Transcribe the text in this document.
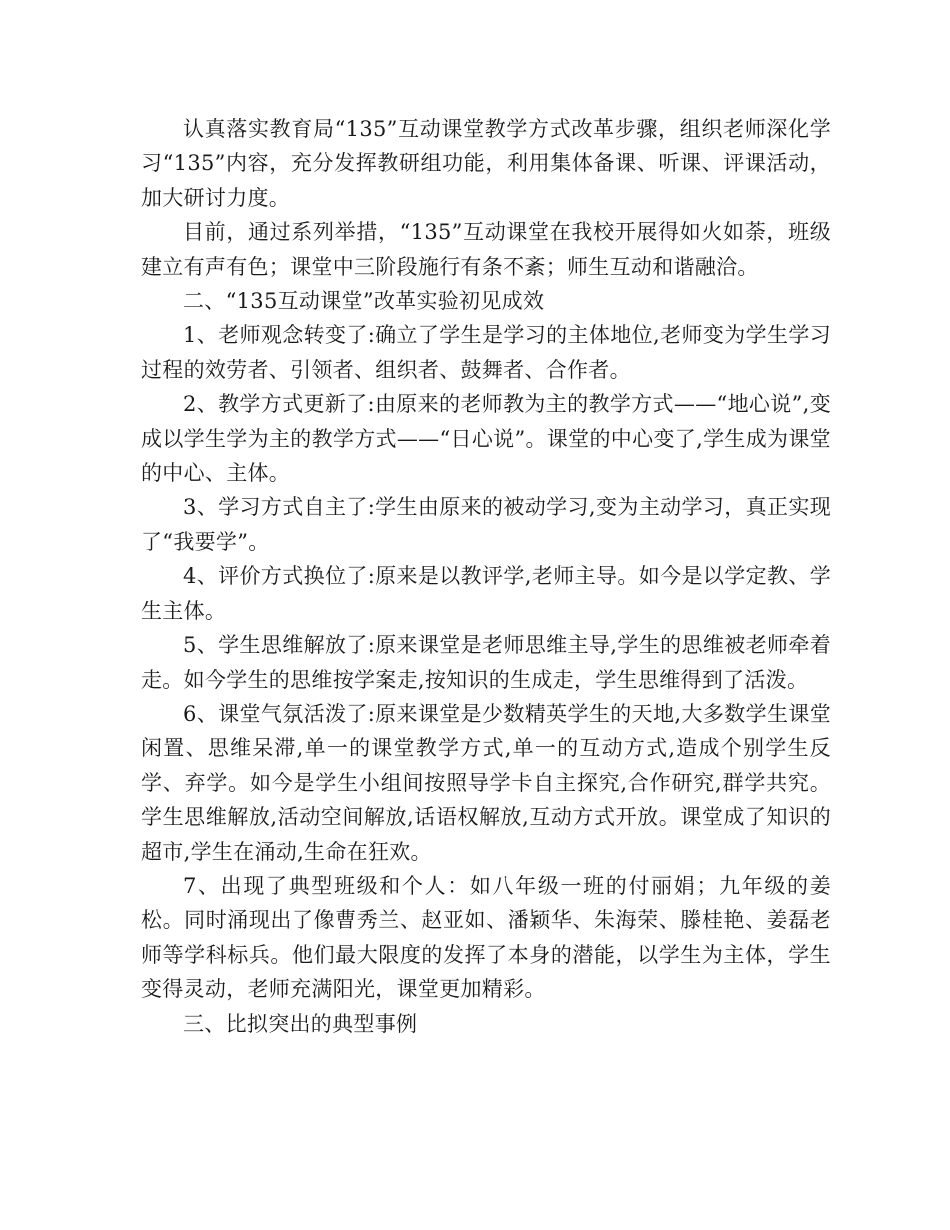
认真落实教育局“135”互动课堂教学方式改革步骤，组织老师深化学习“135”内容，充分发挥教研组功能，利用集体备课、听课、评课活动，加大研讨力度。

目前，通过系列举措，“135”互动课堂在我校开展得如火如荼，班级建立有声有色；课堂中三阶段施行有条不紊；师生互动和谐融洽。

二、“135互动课堂”改革实验初见成效

1、老师观念转变了:确立了学生是学习的主体地位,老师变为学生学习过程的效劳者、引领者、组织者、鼓舞者、合作者。

2、教学方式更新了:由原来的老师教为主的教学方式——“地心说”,变成以学生学为主的教学方式——“日心说”。课堂的中心变了,学生成为课堂的中心、主体。

3、学习方式自主了:学生由原来的被动学习,变为主动学习，真正实现了“我要学”。

4、评价方式换位了:原来是以教评学,老师主导。如今是以学定教、学生主体。

5、学生思维解放了:原来课堂是老师思维主导,学生的思维被老师牵着走。如今学生的思维按学案走,按知识的生成走，学生思维得到了活泼。

6、课堂气氛活泼了:原来课堂是少数精英学生的天地,大多数学生课堂闲置、思维呆滞,单一的课堂教学方式,单一的互动方式,造成个别学生反学、弃学。如今是学生小组间按照导学卡自主探究,合作研究,群学共究。学生思维解放,活动空间解放,话语权解放,互动方式开放。课堂成了知识的超市,学生在涌动,生命在狂欢。

7、出现了典型班级和个人：如八年级一班的付丽娟；九年级的姜松。同时涌现出了像曹秀兰、赵亚如、潘颖华、朱海荣、滕桂艳、姜磊老师等学科标兵。他们最大限度的发挥了本身的潜能，以学生为主体，学生变得灵动，老师充满阳光，课堂更加精彩。

三、比拟突出的典型事例
